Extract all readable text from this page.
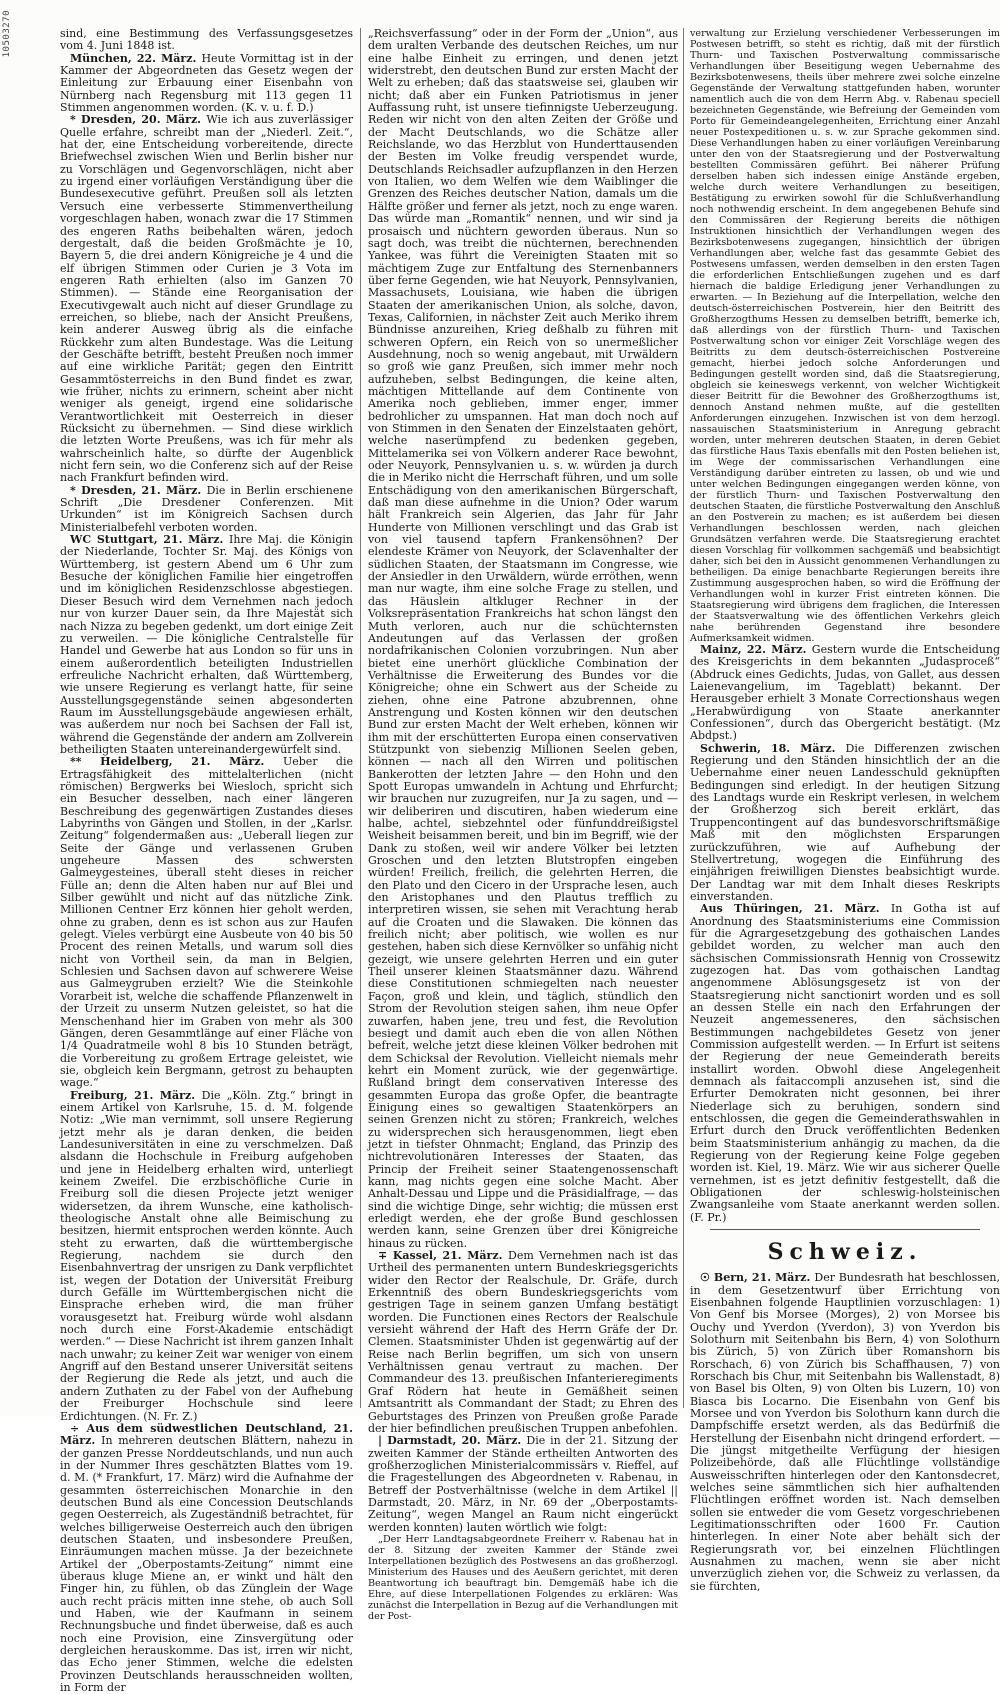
10503270	sind, eine Bestimmung des Verfassungsgesetzes vom 4. Juni 1848 ist.

München, 22. März. Heute Vormittag ist in der Kammer der Abgeordneten das Gesetz wegen der Einleitung zur Erbauung einer Eisenbahn von Nürnberg nach Regensburg mit 113 gegen 11 Stimmen angenommen worden. (K. v. u. f. D.)

* Dresden, 20. März. Wie ich aus zuverlässiger Quelle erfahre, schreibt man der „Niederl. Zeit.“, hat der, eine Entscheidung vorbereitende, directe Briefwechsel zwischen Wien und Berlin bisher nur zu Vorschlägen und Gegenvorschlägen, nicht aber zu irgend einer vorläufigen Verständigung über die Bundesexecutive geführt. Preußen soll als letzten Versuch eine verbesserte Stimmenvertheilung vorgeschlagen haben, wonach zwar die 17 Stimmen des engeren Raths beibehalten wären, jedoch dergestalt, daß die beiden Großmächte je 10, Bayern 5, die drei andern Königreiche je 4 und die elf übrigen Stimmen oder Curien je 3 Vota im engeren Rath erhielten (also im Ganzen 70 Stimmen). — Stände eine Reorganisation der Executivgewalt auch nicht auf dieser Grundlage zu erreichen, so bliebe, nach der Ansicht Preußens, kein anderer Ausweg übrig als die einfache Rückkehr zum alten Bundestage. Was die Leitung der Geschäfte betrifft, besteht Preußen noch immer auf eine wirkliche Parität; gegen den Eintritt Gesammtösterreichs in den Bund findet es zwar, wie früher, nichts zu erinnern, scheint aber nicht weniger als geneigt, irgend eine solidarische Verantwortlichkeit mit Oesterreich in dieser Rücksicht zu übernehmen. — Sind diese wirklich die letzten Worte Preußens, was ich für mehr als wahrscheinlich halte, so dürfte der Augenblick nicht fern sein, wo die Conferenz sich auf der Reise nach Frankfurt befinden wird.

* Dresden, 21. März. Die in Berlin erschienene Schrift „Die Dresdener Conferenzen. Mit Urkunden“ ist im Königreich Sachsen durch Ministerialbefehl verboten worden.

WC Stuttgart, 21. März. Ihre Maj. die Königin der Niederlande, Tochter Sr. Maj. des Königs von Württemberg, ist gestern Abend um 6 Uhr zum Besuche der königlichen Familie hier eingetroffen und im königlichen Residenzschlosse abgestiegen. Dieser Besuch wird dem Vernehmen nach jedoch nur von kurzer Dauer sein, da Ihre Majestät sich nach Nizza zu begeben gedenkt, um dort einige Zeit zu verweilen. — Die königliche Centralstelle für Handel und Gewerbe hat aus London so für uns in einem außerordentlich beteiligten Industriellen erfreuliche Nachricht erhalten, daß Württemberg, wie unsere Regierung es verlangt hatte, für seine Ausstellungsgegenstände seinen abgesonderten Raum im Ausstellungsgebäude angewiesen erhält, was außerdem nur noch bei Sachsen der Fall ist, während die Gegenstände der andern am Zollverein betheiligten Staaten untereinandergewürfelt sind.

** Heidelberg, 21. März. Ueber die Ertragsfähigkeit des mittelalterlichen (nicht römischen) Bergwerks bei Wiesloch, spricht sich ein Besucher desselben, nach einer längeren Beschreibung des gegenwärtigen Zustandes dieses Labyrinths von Gängen und Stollen, in der „Karlsr. Zeitung“ folgendermaßen aus: „Ueberall liegen zur Seite der Gänge und verlassenen Gruben ungeheure Massen des schwersten Galmeygesteines, überall steht dieses in reicher Fülle an; denn die Alten haben nur auf Blei und Silber gewühlt und nicht auf das nützliche Zink. Millionen Centner Erz können hier geholt werden, ohne zu graben, denn es ist schon aus zur Haufen gelegt. Vieles verbürgt eine Ausbeute von 40 bis 50 Procent des reinen Metalls, und warum soll dies nicht von Vortheil sein, da man in Belgien, Schlesien und Sachsen davon auf schwerere Weise aus Galmeygruben erzielt? Wie die Steinkohle Vorarbeit ist, welche die schaffende Pflanzenwelt in der Urzeit zu unserm Nutzen geleistet, so hat die Menschenhand hier im Graben von mehr als 300 Gängen, deren Gesammtlänge auf einer Fläche von 1/4 Quadratmeile wohl 8 bis 10 Stunden beträgt, die Vorbereitung zu großem Ertrage geleistet, wie sie, obgleich kein Bergmann, getrost zu behaupten wage.“

Freiburg, 21. März. Die „Köln. Ztg.“ bringt in einem Artikel von Karlsruhe, 15. d. M. folgende Notiz: „Wie man vernimmt, soll unsere Regierung jetzt mehr als je daran denken, die beiden Landesuniversitäten in eine zu verschmelzen. Daß alsdann die Hochschule in Freiburg aufgehoben und jene in Heidelberg erhalten wird, unterliegt keinem Zweifel. Die erzbischöfliche Curie in Freiburg soll die diesen Projecte jetzt weniger widersetzen, da ihrem Wunsche, eine katholisch-theologische Anstalt ohne alle Beimischung zu besitzen, hiermit entsprochen werden könnte. Auch steht zu erwarten, daß die württembergische Regierung, nachdem sie durch den Eisenbahnvertrag der unsrigen zu Dank verpflichtet ist, wegen der Dotation der Universität Freiburg durch Gefälle im Württembergischen nicht die Einsprache erheben wird, die man früher vorausgesetzt hat. Freiburg würde wohl alsdann noch durch eine Forst-Akademie entschädigt werden.“ — Diese Nachricht ist ihrem ganzen Inhalt nach unwahr; zu keiner Zeit war weniger von einem Angriff auf den Bestand unserer Universität seitens der Regierung die Rede als jetzt, und auch die andern Zuthaten zu der Fabel von der Aufhebung der Freiburger Hochschule sind leere Erdichtungen. (N. Fr. Z.)

÷ Aus dem südwestlichen Deutschland, 21. März. In mehreren deutschen Blättern, nahezu in der ganzen Presse Norddeutschlands, und nun auch in der Nummer Ihres geschätzten Blattes vom 19. d. M. (* Frankfurt, 17. März) wird die Aufnahme der gesammten österreichischen Monarchie in den deutschen Bund als eine Concession Deutschlands gegen Oesterreich, als Zugeständniß betrachtet, für welches billigerweise Oesterreich auch den übrigen deutschen Staaten, und insbesondere Preußen, Einräumungen machen müsse. Ja der bezeichnete Artikel der „Oberpostamts-Zeitung“ nimmt eine überaus kluge Miene an, er winkt und hält den Finger hin, zu fühlen, ob das Zünglein der Wage auch recht präcis mitten inne stehe, ob auch Soll und Haben, wie der Kaufmann in seinem Rechnungsbuche und findet überweise, daß es auch noch eine Provision, eine Zinsvergütung oder dergleichen herauskomme. Das ist, irren wir nicht, das Echo jener Stimmen, welche die edelsten Provinzen Deutschlands herausschneiden wollten, in Form der

„Reichsverfassung“ oder in der Form der „Union“, aus dem uralten Verbande des deutschen Reiches, um nur eine halbe Einheit zu erringen, und denen jetzt widerstrebt, den deutschen Bund zur ersten Macht der Welt zu erheben; daß das staatsweise sei, glauben wir nicht; daß aber ein Funken Patriotismus in jener Auffassung ruht, ist unsere tiefinnigste Ueberzeugung. Reden wir nicht von den alten Zeiten der Größe und der Macht Deutschlands, wo die Schätze aller Reichslande, wo das Herzblut von Hunderttausenden der Besten im Volke freudig verspendet wurde, Deutschlands Reichsadler aufzupflanzen in den Herzen von Italien, wo dem Welfen wie dem Waiblinger die Grenzen des Reiches deutscher Nation, damals um die Hälfte größer und ferner als jetzt, noch zu enge waren. Das würde man „Romantik“ nennen, und wir sind ja prosaisch und nüchtern geworden überaus. Nun so sagt doch, was treibt die nüchternen, berechnenden Yankee, was führt die Vereinigten Staaten mit so mächtigem Zuge zur Entfaltung des Sternenbanners über ferne Gegenden, wie hat Neuyork, Pennsylvanien, Massachusets, Louisiana, wie haben die übrigen Staaten der amerikanischen Union, als solche, davon, Texas, Californien, in nächster Zeit auch Meriko ihrem Bündnisse anzureihen, Krieg deßhalb zu führen mit schweren Opfern, ein Reich von so unermeßlicher Ausdehnung, noch so wenig angebaut, mit Urwäldern so groß wie ganz Preußen, sich immer mehr noch aufzuheben, selbst Bedingungen, die keine alten, mächtigen Mittellande auf dem Continente von Amerika noch geblieben, immer enger, immer bedrohlicher zu umspannen. Hat man doch noch auf von Stimmen in den Senaten der Einzelstaaten gehört, welche naserümpfend zu bedenken gegeben, Mittelamerika sei von Völkern anderer Race bewohnt, oder Neuyork, Pennsylvanien u. s. w. würden ja durch die in Meriko nicht die Herrschaft führen, und um solle Entschädigung von den amerikanischen Bürgerschaft, daß man diese aufnehme in die Union? Oder warum hält Frankreich sein Algerien, das Jahr für Jahr Hunderte von Millionen verschlingt und das Grab ist von viel tausend tapfern Frankensöhnen? Der elendeste Krämer von Neuyork, der Sclavenhalter der südlichen Staaten, der Staatsmann im Congresse, wie der Ansiedler in den Urwäldern, würde erröthen, wenn man nur wagte, ihm eine solche Frage zu stellen, und das Häuslein altkluger Rechner in der Volksrepräsentation Frankreichs hat schon längst den Muth verloren, auch nur die schüchternsten Andeutungen auf das Verlassen der großen nordafrikanischen Colonien vorzubringen. Nun aber bietet eine unerhört glückliche Combination der Verhältnisse die Erweiterung des Bundes vor die Königreiche; ohne ein Schwert aus der Scheide zu ziehen, ohne eine Patrone abzubrennen, ohne Anstrengung und Kosten können wir den deutschen Bund zur ersten Macht der Welt erheben, können wir ihm mit der erschütterten Europa einen conservativen Stützpunkt von siebenzig Millionen Seelen geben, können — nach all den Wirren und politischen Bankerotten der letzten Jahre — den Hohn und den Spott Europas umwandeln in Achtung und Ehrfurcht; wir brauchen nur zuzugreifen, nur Ja zu sagen, und — wir deliberiren und discutiren, haben wiederum eine halbe, achtel, siebzehntel oder fünfunddreißigstel Weisheit beisammen bereit, und bin im Begriff, wie der Dank zu stoßen, weil wir andere Völker bei letzten Groschen und den letzten Blutstropfen eingeben würden! Freilich, freilich, die gelehrten Herren, die den Plato und den Cicero in der Ursprache lesen, auch den Aristophanes und den Plautus trefflich zu interpretiren wissen, sie sehen mit Verachtung herab auf die Croaten und die Slawaken. Die können das freilich nicht; aber politisch, wie wollen es nur gestehen, haben sich diese Kernvölker so unfähig nicht gezeigt, wie unsere gelehrten Herren und ein guter Theil unserer kleinen Staatsmänner dazu. Während diese Constitutionen schmiegelten nach neuester Façon, groß und klein, und täglich, stündlich den Strom der Revolution steigen sahen, ihm neue Opfer zuwarfen, haben jene, treu und fest, die Revolution besiegt und damit auch eben die von allen Nöthen befreit, welche jetzt diese kleinen Völker bedrohen mit dem Schicksal der Revolution. Vielleicht niemals mehr kehrt ein Moment zurück, wie der gegenwärtige. Rußland bringt dem conservativen Interesse des gesammten Europa das große Opfer, die beantragte Einigung eines so gewaltigen Staatenkörpers an seinen Grenzen nicht zu stören; Frankreich, welches zu widersprechen sich herausgenommen, liegt eben jetzt in tiefster Ohnmacht; England, das Prinzip des nichtrevolutionären Interesses der Staaten, das Princip der Freiheit seiner Staatengenossenschaft kann, mag nichts gegen eine solche Macht. Aber Anhalt-Dessau und Lippe und die Präsidialfrage, — das sind die wichtige Dinge, sehr wichtig; die müssen erst erledigt werden, ehe der große Bund geschlossen werden kann, seine Grenzen über drei Königreiche hinaus zu rücken.

∓ Kassel, 21. März. Dem Vernehmen nach ist das Urtheil des permanenten untern Bundeskriegsgerichts wider den Rector der Realschule, Dr. Gräfe, durch Erkenntniß des obern Bundeskriegsgerichts vom gestrigen Tage in seinem ganzen Umfang bestätigt worden. Die Functionen eines Rectors der Realschule versieht während der Haft des Herrn Gräfe der Dr. Clemen. Staatsminister Uhden ist gegenwärtig auf der Reise nach Berlin begriffen, um sich von unsern Verhältnissen genau vertraut zu machen. Der Commandeur des 13. preußischen Infanterieregiments Graf Rödern hat heute in Gemäßheit seinen Amtsantritt als Commandant der Stadt; zu Ehren des Geburtstages des Prinzen von Preußen große Parade der hier befindlichen preußischen Truppen anbefohlen.

| Darmstadt, 20. März. Die in der 21. Sitzung der zweiten Kammer der Stände ertheilten Antworten des großherzoglichen Ministerialcommissärs v. Rieffel, auf die Fragestellungen des Abgeordneten v. Rabenau, in Betreff der Postverhältnisse (welche in dem Artikel || Darmstadt, 20. März, in Nr. 69 der „Oberpostamts-Zeitung“, wegen Mangel an Raum nicht eingerückt werden konnten) lauten wörtlich wie folgt:

„Der Herr Landtagsabgeordnete Freiherr v. Rabenau hat in der 8. Sitzung der zweiten Kammer der Stände zwei Interpellationen bezüglich des Postwesens an das großherzogl. Ministerium des Hauses und des Aeußern gerichtet, mit deren Beantwortung ich beauftragt bin. Demgemäß habe ich die Ehre, auf diese Interpellationen Folgendes zu erklären: Was zunächst die Interpellation in Bezug auf die Verhandlungen mit der Post-

verwaltung zur Erzielung verschiedener Verbesserungen im Postwesen betrifft, so steht es richtig, daß mit der fürstlich Thurn- und Taxischen Postverwaltung commissarische Verhandlungen über Beseitigung wegen Uebernahme des Bezirksbotenwesens, theils über mehrere zwei solche einzelne Gegenstände der Verwaltung stattgefunden haben, worunter namentlich auch die von dem Herrn Abg. v. Rabenau speciell bezeichneten Gegenstände, wie Befreiung der Gemeinden vom Porto für Gemeindeangelegenheiten, Errichtung einer Anzahl neuer Postexpeditionen u. s. w. zur Sprache gekommen sind. Diese Verhandlungen haben zu einer vorläufigen Vereinbarung unter den von der Staatsregierung und der Postverwaltung bestellten Commissären geführt. Bei näherer Prüfung derselben haben sich indessen einige Anstände ergeben, welche durch weitere Verhandlungen zu beseitigen, Bestätigung zu erwirken sowohl für die Schlußverhandlung noch nothwendig erscheint. In dem angegebenen Behufe sind den Commissären der Regierung bereits die nöthigen Instruktionen hinsichtlich der Verhandlungen wegen des Bezirksbotenwesens zugegangen, hinsichtlich der übrigen Verhandlungen aber, welche fast das gesammte Gebiet des Postwesens umfassen, werden demselben in den ersten Tagen die erforderlichen Entschließungen zugehen und es darf hiernach die baldige Erledigung jener Verhandlungen zu erwarten. — In Beziehung auf die Interpellation, welche den deutsch-österreichischen Postverein, hier den Beitritt des Großherzogthums Hessen zu demselben betrifft, bemerke ich, daß allerdings von der fürstlich Thurn- und Taxischen Postverwaltung schon vor einiger Zeit Vorschläge wegen des Beitritts zu dem deutsch-österreichischen Postvereine gemacht, hierbei jedoch solche Anforderungen und Bedingungen gestellt worden sind, daß die Staatsregierung, obgleich sie keineswegs verkennt, von welcher Wichtigkeit dieser Beitritt für die Bewohner des Großherzogthums ist, dennoch Anstand nehmen mußte, auf die gestellten Anforderungen einzugehen. Inzwischen ist von dem herzogl. nassauischen Staatsministerium in Anregung gebracht worden, unter mehreren deutschen Staaten, in deren Gebiet das fürstliche Haus Taxis ebenfalls mit den Posten beliehen ist, im Wege der commissarischen Verhandlungen eine Verständigung darüber eintreten zu lassen, ob und wie und unter welchen Bedingungen eingegangen werden könne, von der fürstlich Thurn- und Taxischen Postverwaltung den deutschen Staaten, die fürstliche Postverwaltung den Anschluß an den Postverein zu machen; es ist außerdem bei diesen Verhandlungen beschlossen werden, nach gleichen Grundsätzen verfahren werde. Die Staatsregierung erachtet diesen Vorschlag für vollkommen sachgemäß und beabsichtigt daher, sich bei den in Aussicht genommenen Verhandlungen zu betheiligen. Da einige benachbarte Regierungen bereits ihre Zustimmung ausgesprochen haben, so wird die Eröffnung der Verhandlungen wohl in kurzer Frist eintreten können. Die Staatsregierung wird übrigens dem fraglichen, die Interessen der Staatsverwaltung wie des öffentlichen Verkehrs gleich nahe berührenden Gegenstand ihre besondere Aufmerksamkeit widmen.

Mainz, 22. März. Gestern wurde die Entscheidung des Kreisgerichts in dem bekannten „Judasproceß“ (Abdruck eines Gedichts, Judas, von Gallet, aus dessen Laienevangelium, im Tageblatt) bekannt. Der Herausgeber erhielt 3 Monate Correctionshaus wegen „Herabwürdigung von Staate anerkannter Confessionen“, durch das Obergericht bestätigt. (Mz Abdpst.)

Schwerin, 18. März. Die Differenzen zwischen Regierung und den Ständen hinsichtlich der an die Uebernahme einer neuen Landesschuld geknüpften Bedingungen sind erledigt. In der heutigen Sitzung des Landtags wurde ein Reskript verlesen, in welchem der Großherzog sich bereit erklärt, das Truppencontingent auf das bundesvorschriftsmäßige Maß mit den möglichsten Ersparungen zurückzuführen, wie auf Aufhebung der Stellvertretung, wogegen die Einführung des einjährigen freiwilligen Dienstes beabsichtigt wurde. Der Landtag war mit dem Inhalt dieses Reskripts einverstanden.

Aus Thüringen, 21. März. In Gotha ist auf Anordnung des Staatsministeriums eine Commission für die Agrargesetzgebung des gothaischen Landes gebildet worden, zu welcher man auch den sächsischen Commissionsrath Hennig von Crossewitz zugezogen hat. Das vom gothaischen Landtag angenommene Ablösungsgesetz ist von der Staatsregierung nicht sanctionirt worden und es soll an dessen Stelle ein nach den Erfahrungen der Neuzeit angemesseneres, den sächsischen Bestimmungen nachgebildetes Gesetz von jener Commission aufgestellt werden. — In Erfurt ist seitens der Regierung der neue Gemeinderath bereits installirt worden. Obwohl diese Angelegenheit demnach als faitaccompli anzusehen ist, sind die Erfurter Demokraten nicht gesonnen, bei ihrer Niederlage sich zu beruhigen, sondern sind entschlossen, die gegen die Gemeinderathswahlen in Erfurt durch den Druck veröffentlichten Bedenken beim Staatsministerium anhängig zu machen, da die Regierung von der Regierung keine Folge gegeben worden ist. Kiel, 19. März. Wie wir aus sicherer Quelle vernehmen, ist es jetzt definitiv festgestellt, daß die Obligationen der schleswig-holsteinischen Zwangsanleihe vom Staate anerkannt werden sollen. (F. Pr.)

Schweiz.

☉ Bern, 21. März. Der Bundesrath hat beschlossen, in dem Gesetzentwurf über Errichtung von Eisenbahnen folgende Hauptlinien vorzuschlagen: 1) Von Genf bis Morsee (Morges), 2) von Morsee bis Ouchy und Yverdon (Yverdon), 3) von Yverdon bis Solothurn mit Seitenbahn bis Bern, 4) von Solothurn bis Zürich, 5) von Zürich über Romanshorn bis Rorschach, 6) von Zürich bis Schaffhausen, 7) von Rorschach bis Chur, mit Seitenbahn bis Wallenstadt, 8) von Basel bis Olten, 9) von Olten bis Luzern, 10) von Biasca bis Locarno. Die Eisenbahn von Genf bis Morsee und von Yverdon bis Solothurn kann durch die Dampfschiffe ersetzt werden, als das Bedürfniß die Herstellung der Eisenbahn nicht dringend erfordert. — Die jüngst mitgetheilte Verfügung der hiesigen Polizeibehörde, daß alle Flüchtlinge vollständige Ausweisschriften hinterlegen oder den Kantonsdecret, welches seine sämmtlichen sich hier aufhaltenden Flüchtlingen eröffnet worden ist. Nach demselben sollen sie entweder die vom Gesetz vorgeschriebenen Legitimationsschriften oder 1600 Fr. Caution hinterlegen. In einer Note aber behält sich der Regierungsrath vor, bei einzelnen Flüchtlingen Ausnahmen zu machen, wenn sie aber nicht unverzüglich ziehen vor, die Schweiz zu verlassen, da sie fürchten,
